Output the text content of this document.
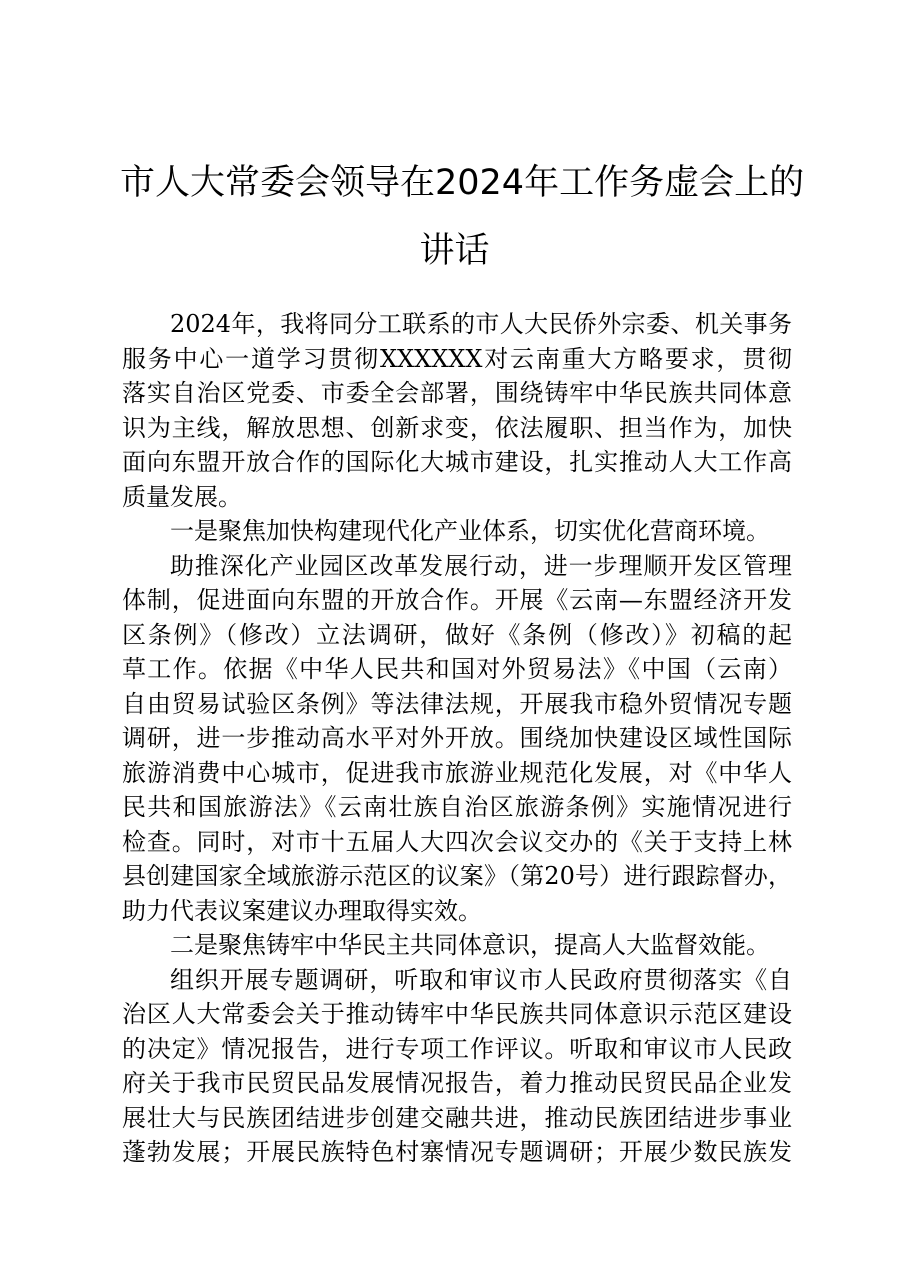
市人大常委会领导在2024年工作务虚会上的
讲话
2024年，我将同分工联系的市人大民侨外宗委、机关事务
服务中心一道学习贯彻XXXXXX对云南重大方略要求，贯彻
落实自治区党委、市委全会部署，围绕铸牢中华民族共同体意
识为主线，解放思想、创新求变，依法履职、担当作为，加快
面向东盟开放合作的国际化大城市建设，扎实推动人大工作高
质量发展。
一是聚焦加快构建现代化产业体系，切实优化营商环境。
助推深化产业园区改革发展行动，进一步理顺开发区管理
体制，促进面向东盟的开放合作。开展《云南—东盟经济开发
区条例》（修改）立法调研，做好《条例（修改）》初稿的起
草工作。依据《中华人民共和国对外贸易法》《中国（云南）
自由贸易试验区条例》等法律法规，开展我市稳外贸情况专题
调研，进一步推动高水平对外开放。围绕加快建设区域性国际
旅游消费中心城市，促进我市旅游业规范化发展，对《中华人
民共和国旅游法》《云南壮族自治区旅游条例》实施情况进行
检查。同时，对市十五届人大四次会议交办的《关于支持上林
县创建国家全域旅游示范区的议案》（第20号）进行跟踪督办，
助力代表议案建议办理取得实效。
二是聚焦铸牢中华民主共同体意识，提高人大监督效能。
组织开展专题调研，听取和审议市人民政府贯彻落实《自
治区人大常委会关于推动铸牢中华民族共同体意识示范区建设
的决定》情况报告，进行专项工作评议。听取和审议市人民政
府关于我市民贸民品发展情况报告，着力推动民贸民品企业发
展壮大与民族团结进步创建交融共进，推动民族团结进步事业
蓬勃发展；开展民族特色村寨情况专题调研；开展少数民族发
